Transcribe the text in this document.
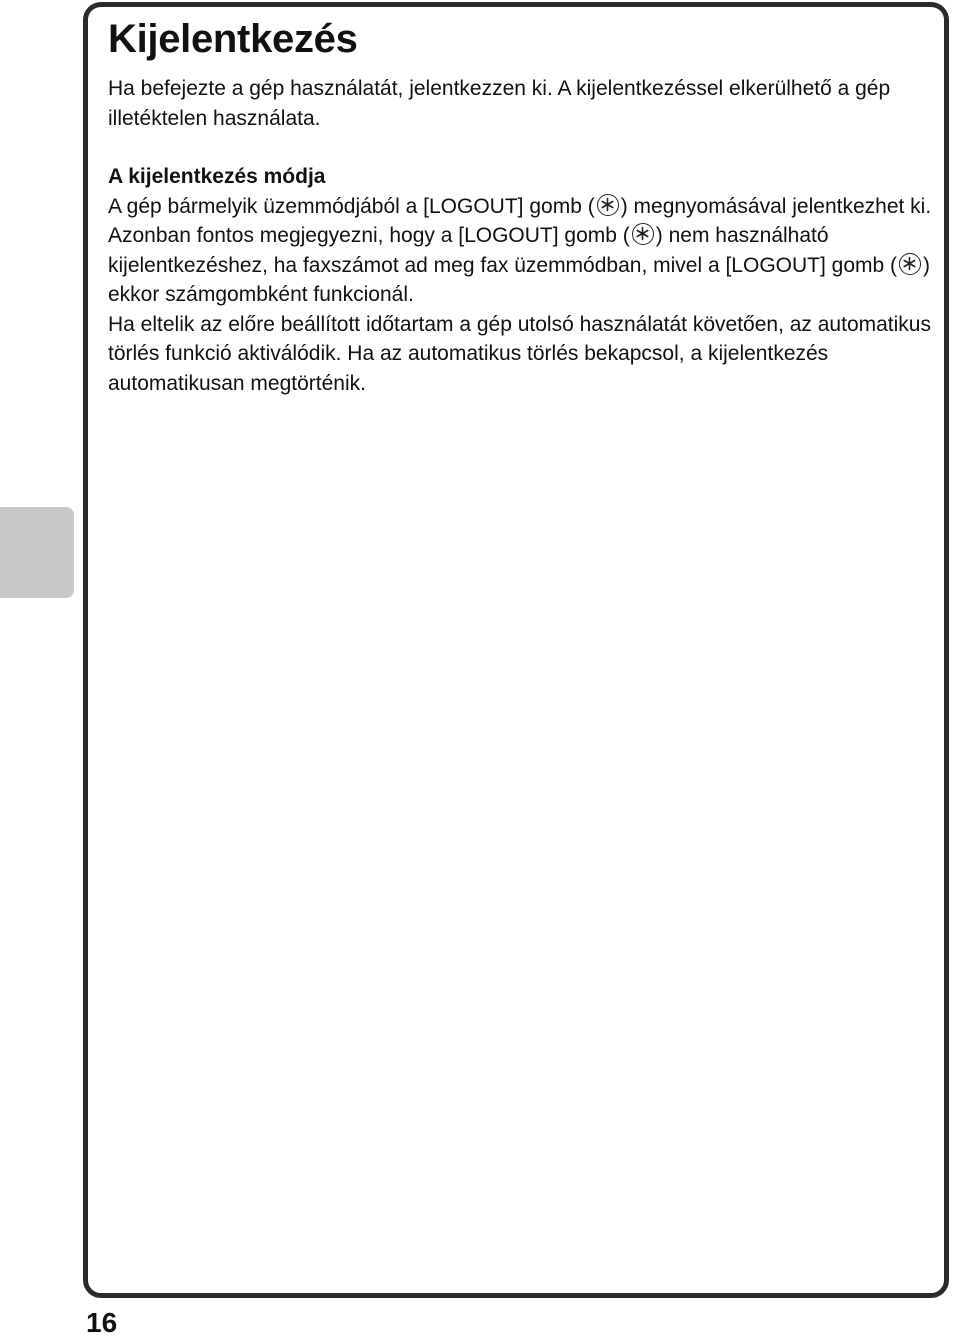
Kijelentkezés

Ha befejezte a gép használatát, jelentkezzen ki. A kijelentkezéssel elkerülhető a gép illetéktelen használata.

A kijelentkezés módja

A gép bármelyik üzemmódjából a [LOGOUT] gomb ( ) megnyomásával jelentkezhet ki. Azonban fontos megjegyezni, hogy a [LOGOUT] gomb ( ) nem használható kijelentkezéshez, ha faxszámot ad meg fax üzemmódban, mivel a [LOGOUT] gomb ( ) ekkor számgombként funkcionál.

Ha eltelik az előre beállított időtartam a gép utolsó használatát követően, az automatikus törlés funkció aktiválódik. Ha az automatikus törlés bekapcsol, a kijelentkezés automatikusan megtörténik.

16
